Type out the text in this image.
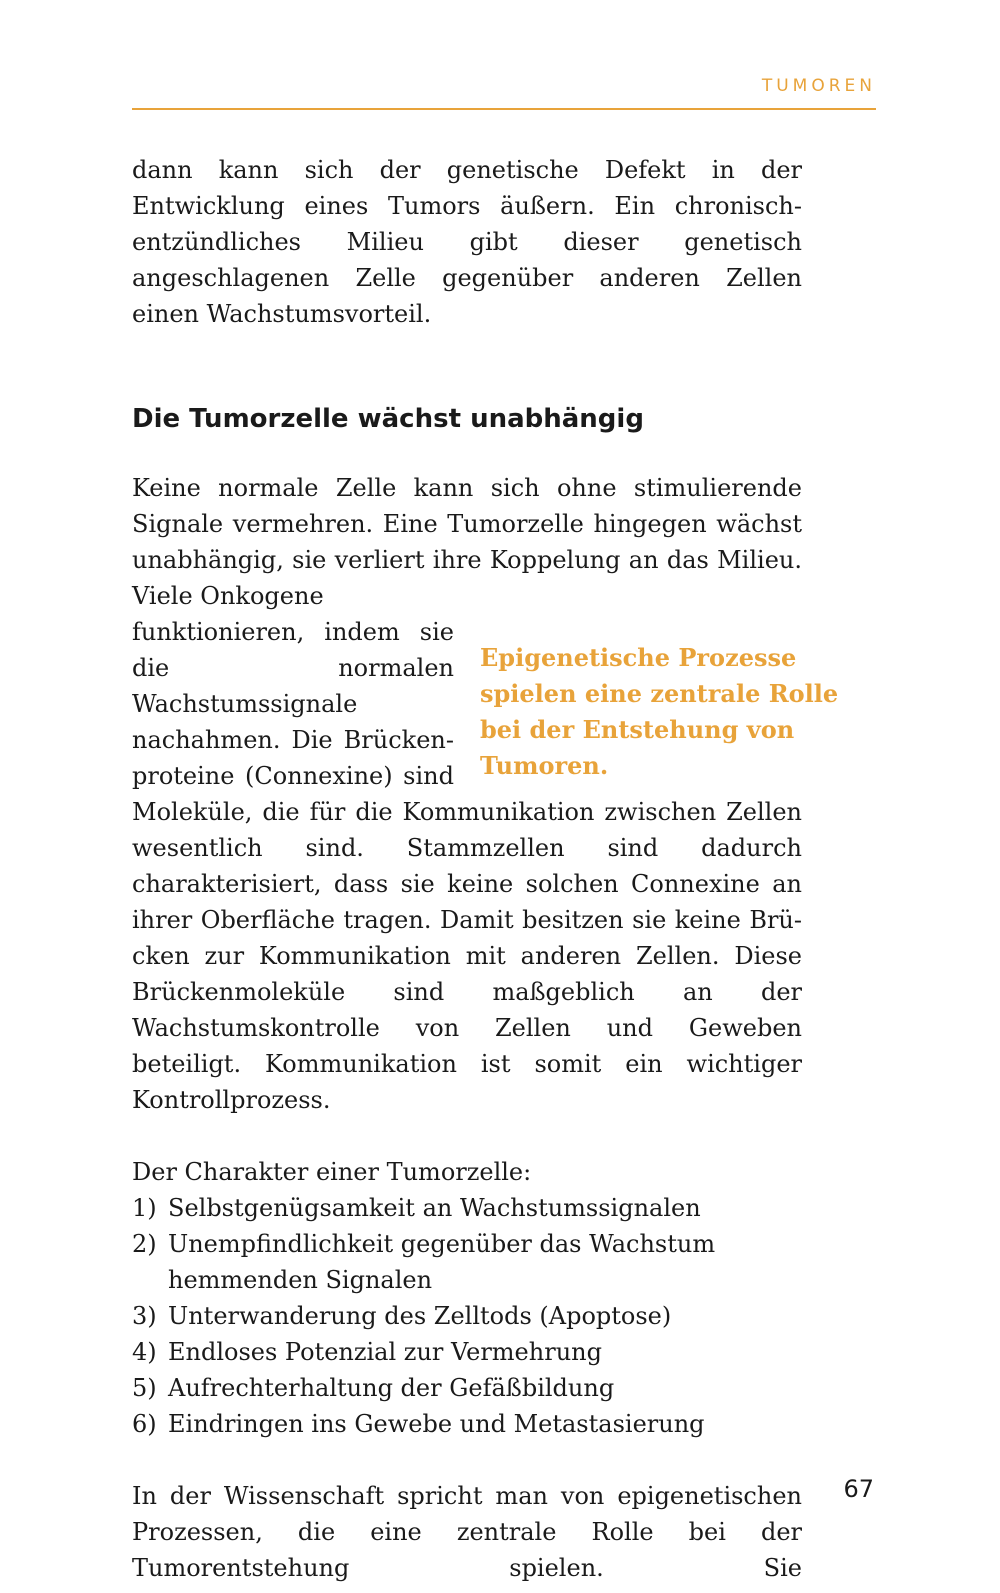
TUMOREN

dann kann sich der genetische Defekt in der Entwicklung eines Tumors äußern. Ein chronisch-entzündliches Milieu gibt dieser genetisch angeschlagenen Zelle gegenüber anderen Zellen einen Wachstumsvorteil.

Die Tumorzelle wächst unabhängig

Keine normale Zelle kann sich ohne stimulierende Signale vermehren. Eine Tumorzelle hingegen wächst unabhängig, sie verliert ihre Koppelung an das Milieu. Viele Onkogene

Epigenetische Prozesse spielen eine zentrale Rolle bei der Entstehung von Tumoren.

funktionieren, indem sie die normalen Wachstumssignale nachahmen. Die Brückenproteine (Connexine) sind Moleküle, die für die Kommunikation zwischen Zellen wesentlich sind. Stammzellen sind dadurch charakterisiert, dass sie keine solchen Connexine an ihrer Oberfläche tragen. Damit besitzen sie keine Brücken zur Kommunikation mit anderen Zellen. Diese Brückenmoleküle sind maßgeblich an der Wachstumskontrolle von Zellen und Geweben beteiligt. Kommunikation ist somit ein wichtiger Kontrollprozess.

Der Charakter einer Tumorzelle:

1) Selbstgenügsamkeit an Wachstumssignalen
2) Unempfindlichkeit gegenüber das Wachstum hemmenden Signalen
3) Unterwanderung des Zelltods (Apoptose)
4) Endloses Potenzial zur Vermehrung
5) Aufrechterhaltung der Gefäßbildung
6) Eindringen ins Gewebe und Metastasierung

In der Wissenschaft spricht man von epigenetischen Prozessen, die eine zentrale Rolle bei der Tumorentstehung spielen. Sie

67
